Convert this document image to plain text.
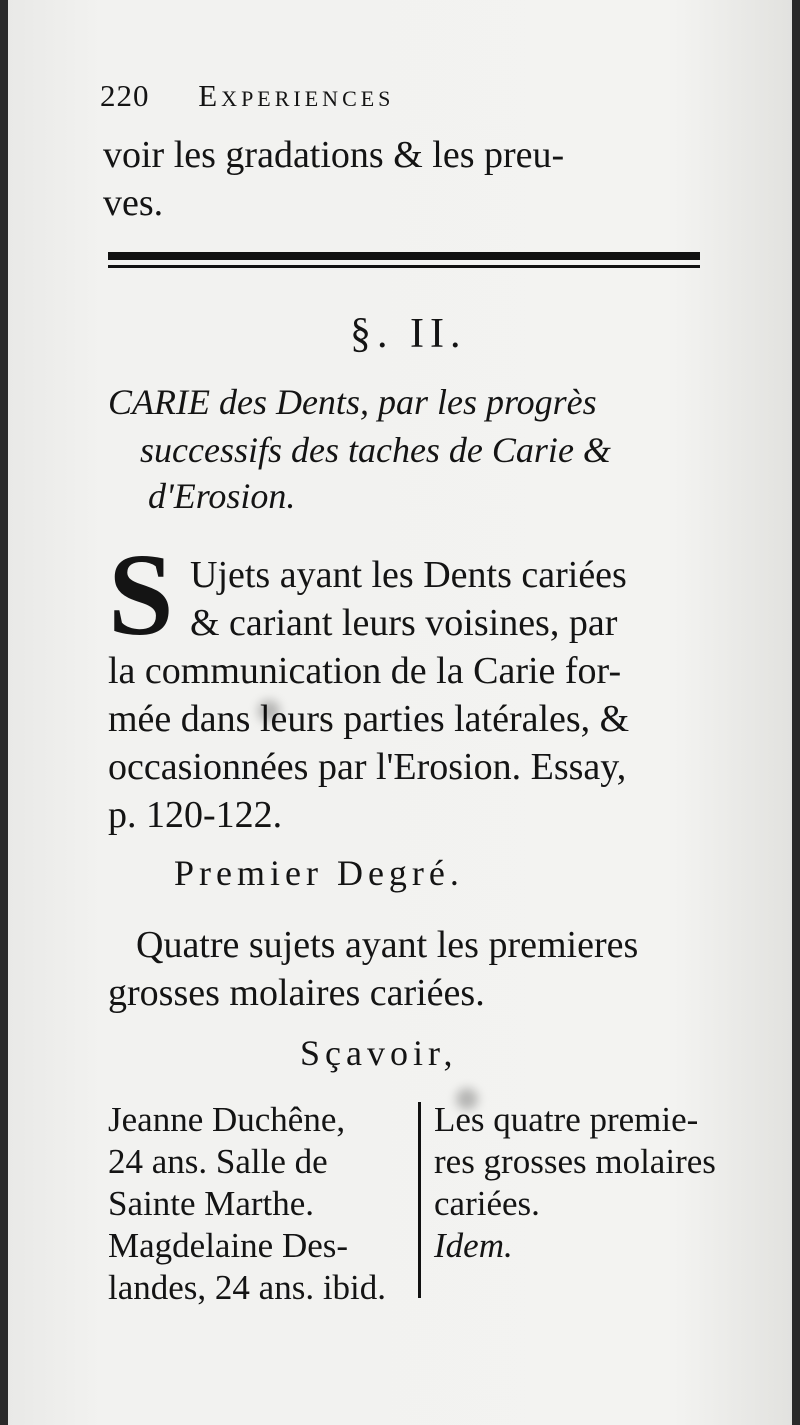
220 Experiences
voir les gradations & les preu-
ves.
§. II.
CARIE des Dents, par les progrès
successifs des taches de Carie &
d'Erosion.
S Ujets ayant les Dents cariées
& cariant leurs voisines, par
la communication de la Carie for-
mée dans leurs parties latérales, &
occasionnées par l'Erosion. Essay,
p. 120-122.
Premier Degré.
Quatre sujets ayant les premieres
grosses molaires cariées.
Sçavoir,
Jeanne Duchêne,
24 ans. Salle de
Sainte Marthe.
Magdelaine Des-
landes, 24 ans. ibid.
Les quatre premie-
res grosses molaires
cariées.
Idem.
